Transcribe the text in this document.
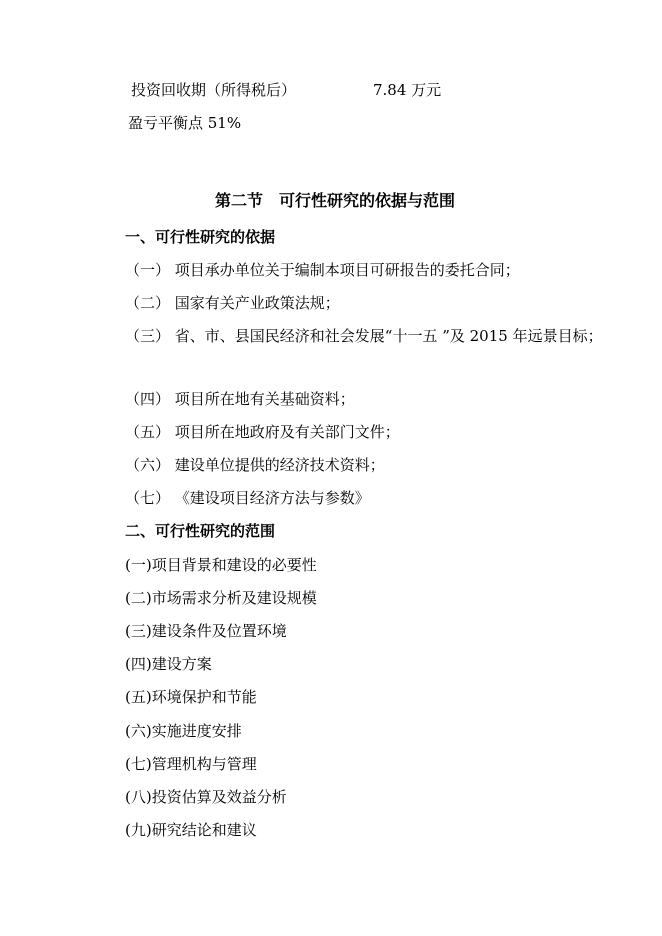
投资回收期（所得税后）	7.84 万元
盈亏平衡点 51%
第二节　可行性研究的依据与范围
一、可行性研究的依据
（一） 项目承办单位关于编制本项目可研报告的委托合同；
（二） 国家有关产业政策法规；
（三） 省、市、县国民经济和社会发展“十一五 ”及 2015 年远景目标；
（四） 项目所在地有关基础资料；
（五） 项目所在地政府及有关部门文件；
（六） 建设单位提供的经济技术资料；
（七） 《建设项目经济方法与参数》
二、可行性研究的范围
(一)项目背景和建设的必要性
(二)市场需求分析及建设规模
(三)建设条件及位置环境
(四)建设方案
(五)环境保护和节能
(六)实施进度安排
(七)管理机构与管理
(八)投资估算及效益分析
(九)研究结论和建议
